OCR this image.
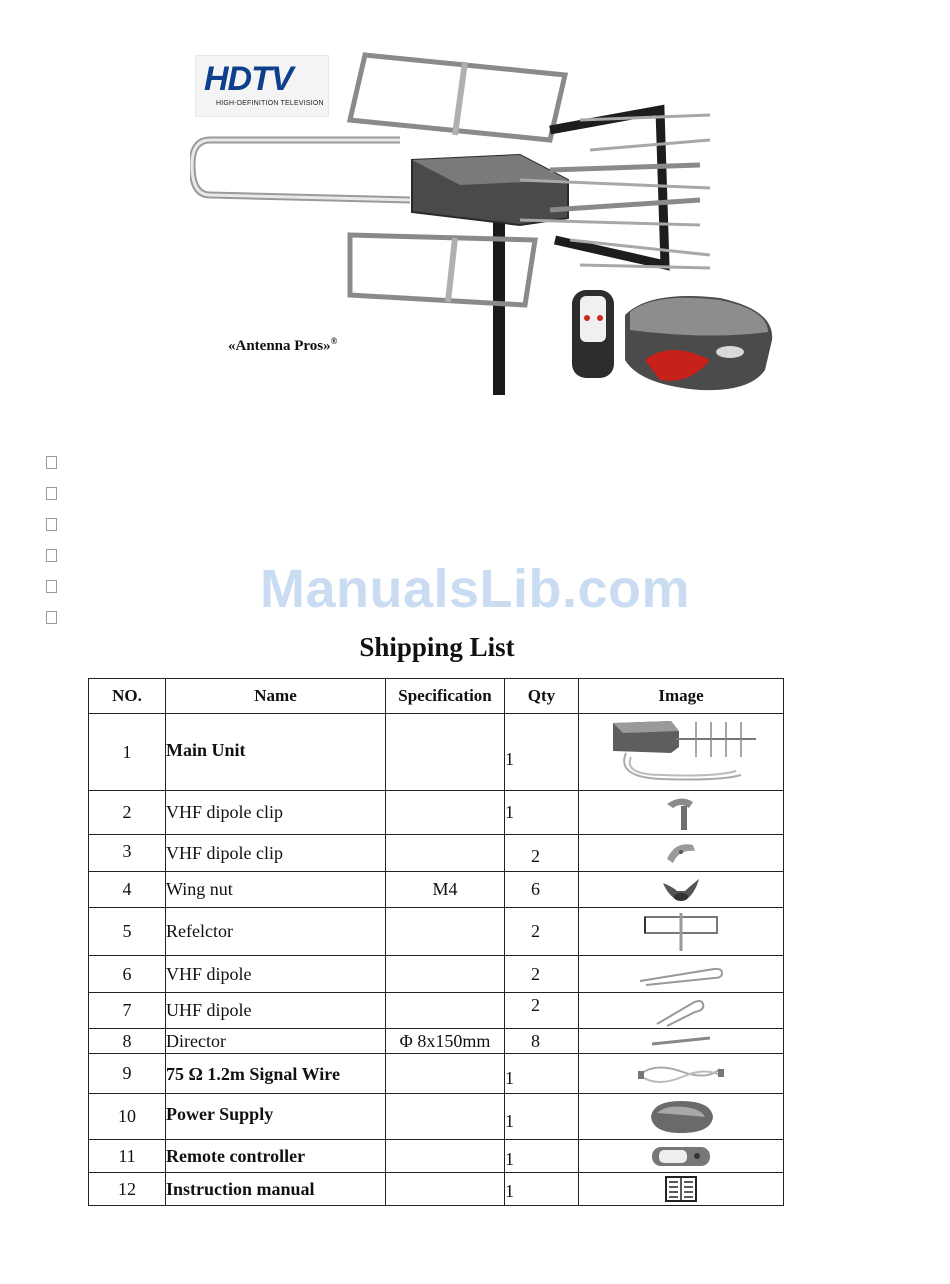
HDTV
HIGH-DEFINITION TELEVISION
«Antenna Pros»®
ManualsLib.com
Shipping List
NO.	Name	Specification	Qty	Image
1	Main Unit		1	

2	VHF dipole clip		1	

3	VHF dipole clip		2	

4	Wing nut	M4	6	

5	Refelctor		2	

6	VHF dipole		2	

7	UHF dipole		2	

8	Director	Φ 8x150mm	8	

9	75 Ω 1.2m Signal Wire		1	

10	Power Supply		1	

11	Remote controller		1	

12	Instruction manual		1	
